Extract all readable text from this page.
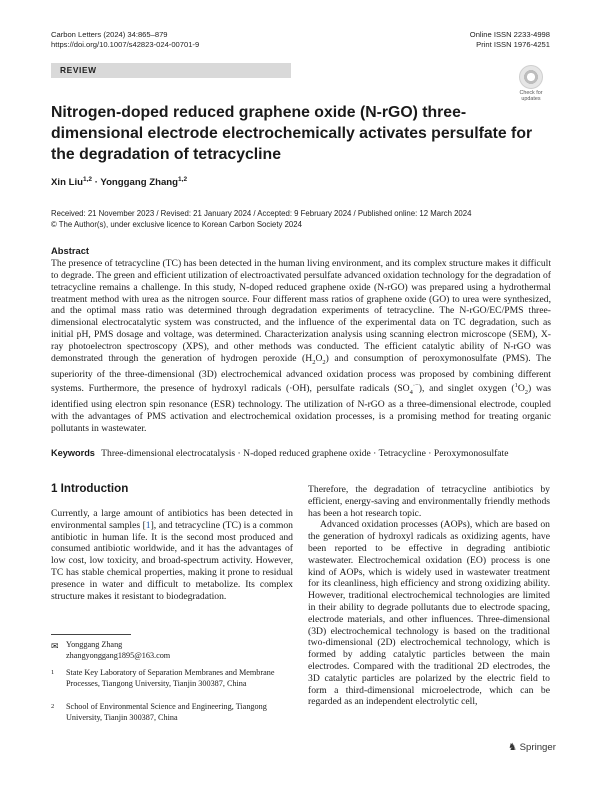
Carbon Letters (2024) 34:865–879
https://doi.org/10.1007/s42823-024-00701-9
Online ISSN 2233-4998
Print ISSN 1976-4251
REVIEW
Check for
updates
Nitrogen-doped reduced graphene oxide (N-rGO) three-dimensional electrode electrochemically activates persulfate for the degradation of tetracycline
Xin Liu$^{1,2}$ · Yonggang Zhang$^{1,2}$
Received: 21 November 2023 / Revised: 21 January 2024 / Accepted: 9 February 2024 / Published online: 12 March 2024
© The Author(s), under exclusive licence to Korean Carbon Society 2024
Abstract

The presence of tetracycline (TC) has been detected in the human living environment, and its complex structure makes it difficult to degrade. The green and efficient utilization of electroactivated persulfate advanced oxidation technology for the degradation of tetracycline remains a challenge. In this study, N-doped reduced graphene oxide (N-rGO) was prepared using a hydrothermal treatment method with urea as the nitrogen source. Four different mass ratios of graphene oxide (GO) to urea were synthesized, and the optimal mass ratio was determined through degradation experiments of tetracycline. The N-rGO/EC/PMS three-dimensional electrocatalytic system was constructed, and the influence of the experimental data on TC degradation, such as initial pH, PMS dosage and voltage, was determined. Characterization analysis using scanning electron microscope (SEM), X-ray photoelectron spectroscopy (XPS), and other methods was conducted. The efficient catalytic ability of N-rGO was demonstrated through the generation of hydrogen peroxide $(H_2O_2)$ and consumption of peroxymonosulfate (PMS). The superiority of the three-dimensional (3D) electrochemical advanced oxidation process was proposed by combining different systems. Furthermore, the presence of hydroxyl radicals (·OH), persulfate radicals $(SO_4^{\cdot-})$, and singlet oxygen $(^1O_2)$ was identified using electron spin resonance (ESR) technology. The utilization of N-rGO as a three-dimensional electrode, coupled with the advantages of PMS activation and electrochemical oxidation processes, is a promising method for treating organic pollutants in wastewater.

Keywords Three-dimensional electrocatalysis · N-doped reduced graphene oxide · Tetracycline · Peroxymonosulfate
1 Introduction

Currently, a large amount of antibiotics has been detected in environmental samples [1], and tetracycline (TC) is a common antibiotic in human life. It is the second most produced and consumed antibiotic worldwide, and it has the advantages of low cost, low toxicity, and broad-spectrum activity. However, TC has stable chemical properties, making it prone to residual presence in water and difficult to metabolize. Its complex structure makes it resistant to biodegradation.

Therefore, the degradation of tetracycline antibiotics by efficient, energy-saving and environmentally friendly methods has been a hot research topic.

Advanced oxidation processes (AOPs), which are based on the generation of hydroxyl radicals as oxidizing agents, have been reported to be effective in degrading antibiotic wastewater. Electrochemical oxidation (EO) process is one kind of AOPs, which is widely used in wastewater treatment for its cleanliness, high efficiency and strong oxidizing ability. However, traditional electrochemical technologies are limited in their ability to degrade pollutants due to electrode spacing, electrode materials, and other influences. Three-dimensional (3D) electrochemical technology is based on the traditional two-dimensional (2D) electrochemical technology, which is formed by adding catalytic particles between the main electrodes. Compared with the traditional 2D electrodes, the 3D catalytic particles are polarized by the electric field to form a third-dimensional microelectrode, which can be regarded as an independent electrolytic cell,

✉ Yonggang Zhang
zhangyonggang1895@163.com
1	State Key Laboratory of Separation Membranes and Membrane Processes, Tiangong University, Tianjin 300387, China
2	School of Environmental Science and Engineering, Tiangong University, Tianjin 300387, China
♞ Springer
